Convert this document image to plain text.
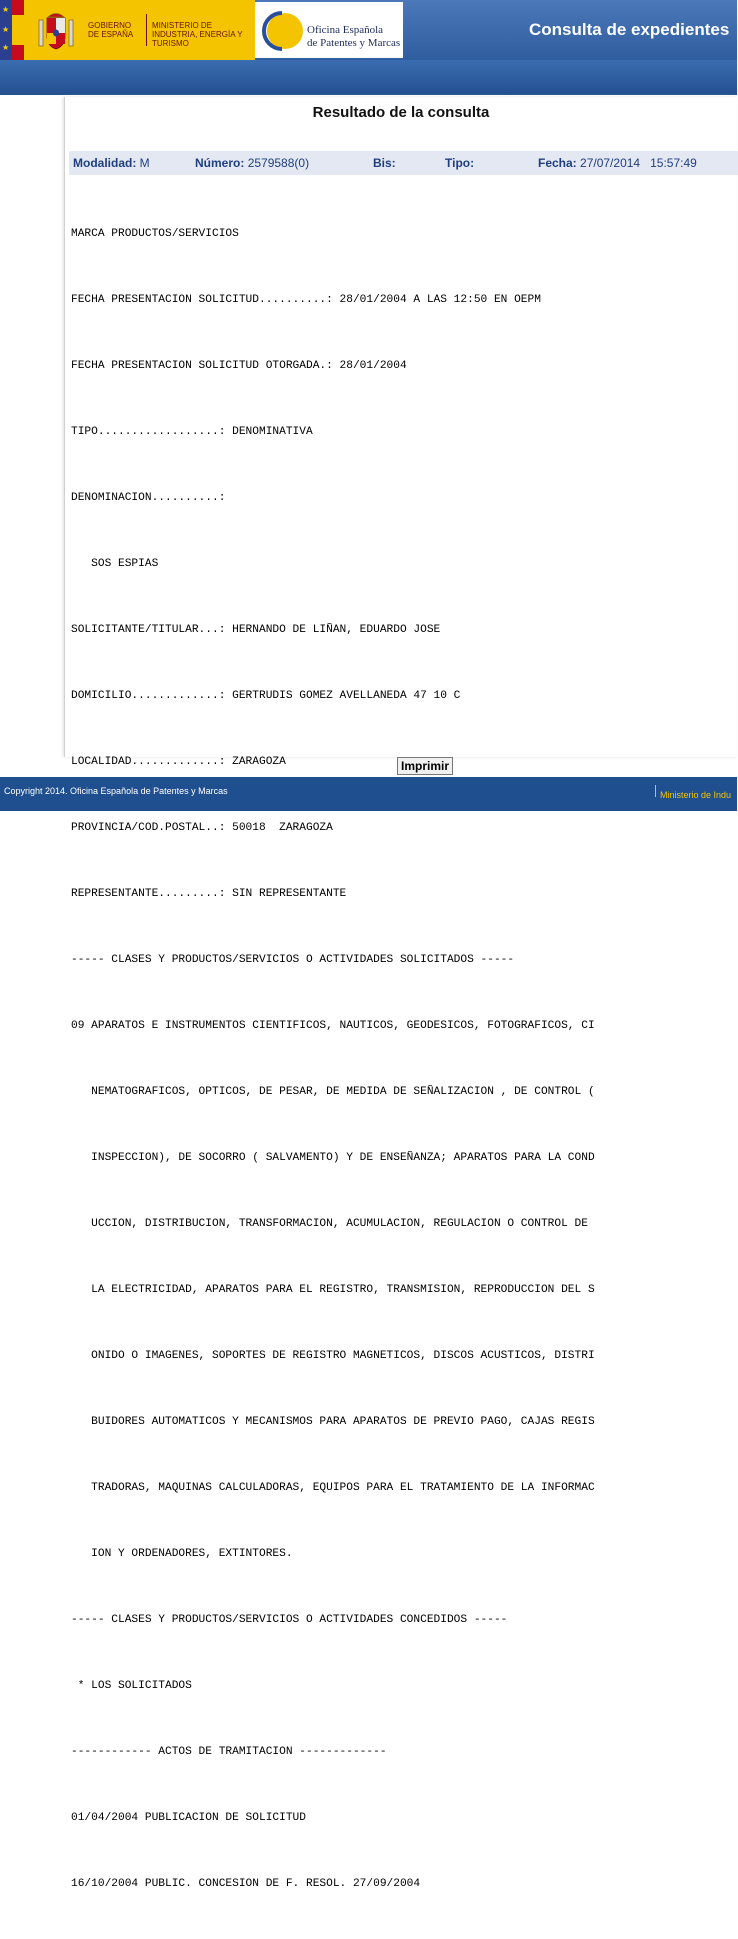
★
★
★
GOBIERNO DE ESPAÑA
MINISTERIO DE INDUSTRIA, ENERGÍA Y TURISMO
Oficina Española
de Patentes y Marcas
Consulta de expedientes
Resultado de la consulta
Modalidad: M	Número: 2579588(0)	Bis:	Tipo:	Fecha: 27/07/2014 15:57:49

MARCA PRODUCTOS/SERVICIOS

FECHA PRESENTACION SOLICITUD..........: 28/01/2004 A LAS 12:50 EN OEPM

FECHA PRESENTACION SOLICITUD OTORGADA.: 28/01/2004

TIPO..................: DENOMINATIVA

DENOMINACION..........:

SOS ESPIAS

SOLICITANTE/TITULAR...: HERNANDO DE LIÑAN, EDUARDO JOSE

DOMICILIO.............: GERTRUDIS GOMEZ AVELLANEDA 47 10 C

LOCALIDAD.............: ZARAGOZA

PROVINCIA/COD.POSTAL..: 50018  ZARAGOZA

REPRESENTANTE.........: SIN REPRESENTANTE

----- CLASES Y PRODUCTOS/SERVICIOS O ACTIVIDADES SOLICITADOS -----

09 APARATOS E INSTRUMENTOS CIENTIFICOS, NAUTICOS, GEODESICOS, FOTOGRAFICOS, CI

NEMATOGRAFICOS, OPTICOS, DE PESAR, DE MEDIDA DE SEÑALIZACION , DE CONTROL (

INSPECCION), DE SOCORRO ( SALVAMENTO) Y DE ENSEÑANZA; APARATOS PARA LA COND

UCCION, DISTRIBUCION, TRANSFORMACION, ACUMULACION, REGULACION O CONTROL DE

LA ELECTRICIDAD, APARATOS PARA EL REGISTRO, TRANSMISION, REPRODUCCION DEL S

ONIDO O IMAGENES, SOPORTES DE REGISTRO MAGNETICOS, DISCOS ACUSTICOS, DISTRI

BUIDORES AUTOMATICOS Y MECANISMOS PARA APARATOS DE PREVIO PAGO, CAJAS REGIS

TRADORAS, MAQUINAS CALCULADORAS, EQUIPOS PARA EL TRATAMIENTO DE LA INFORMAC

ION Y ORDENADORES, EXTINTORES.

----- CLASES Y PRODUCTOS/SERVICIOS O ACTIVIDADES CONCEDIDOS -----

* LOS SOLICITADOS

------------ ACTOS DE TRAMITACION -------------

01/04/2004 PUBLICACION DE SOLICITUD

16/10/2004 PUBLIC. CONCESION DE F. RESOL. 27/09/2004

Imprimir
Copyright 2014. Oficina Española de Patentes y Marcas	Ministerio de Indu
